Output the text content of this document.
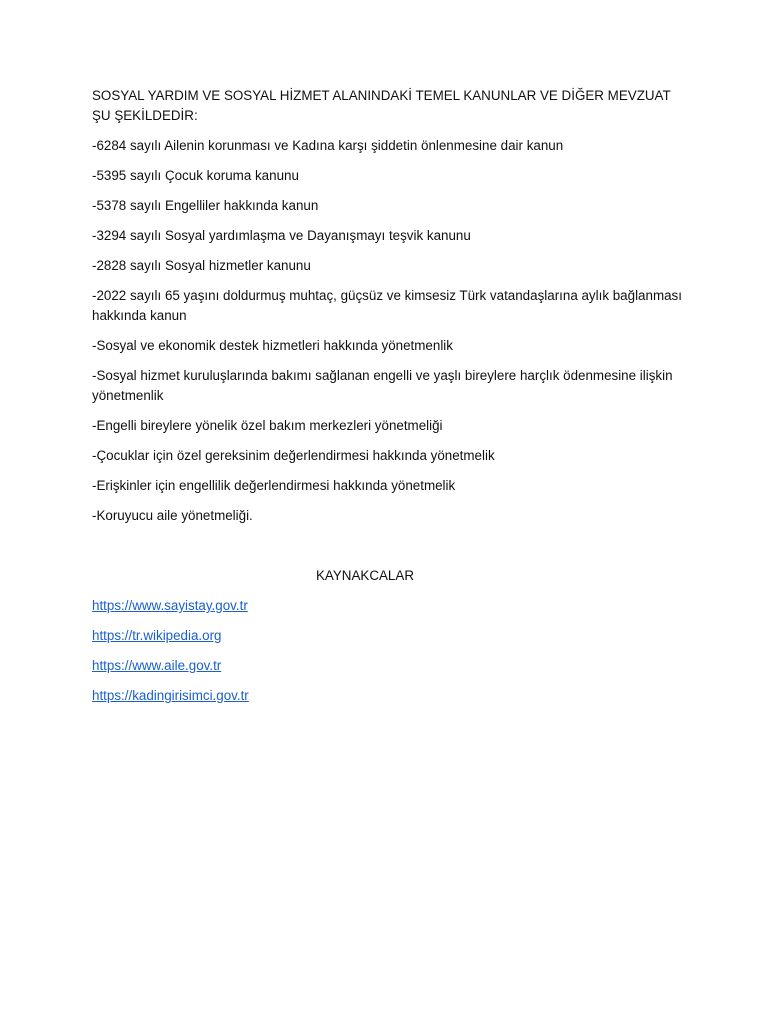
SOSYAL YARDIM VE SOSYAL HİZMET ALANINDAKİ TEMEL KANUNLAR VE DİĞER MEVZUAT ŞU ŞEKİLDEDİR:

-6284 sayılı Ailenin korunması ve Kadına karşı şiddetin önlenmesine dair kanun

-5395 sayılı Çocuk koruma kanunu

-5378 sayılı Engelliler hakkında kanun

-3294 sayılı Sosyal yardımlaşma ve Dayanışmayı teşvik kanunu

-2828 sayılı Sosyal hizmetler kanunu

-2022 sayılı 65 yaşını doldurmuş muhtaç, güçsüz ve kimsesiz Türk vatandaşlarına aylık bağlanması hakkında kanun

-Sosyal ve ekonomik destek hizmetleri hakkında yönetmenlik

-Sosyal hizmet kuruluşlarında bakımı sağlanan engelli ve yaşlı bireylere harçlık ödenmesine ilişkin yönetmenlik

-Engelli bireylere yönelik özel bakım merkezleri yönetmeliği

-Çocuklar için özel gereksinim değerlendirmesi hakkında yönetmelik

-Erişkinler için engellilik değerlendirmesi hakkında yönetmelik

-Koruyucu aile yönetmeliği.

KAYNAKCALAR

https://www.sayistay.gov.tr
https://tr.wikipedia.org
https://www.aile.gov.tr
https://kadingirisimci.gov.tr
